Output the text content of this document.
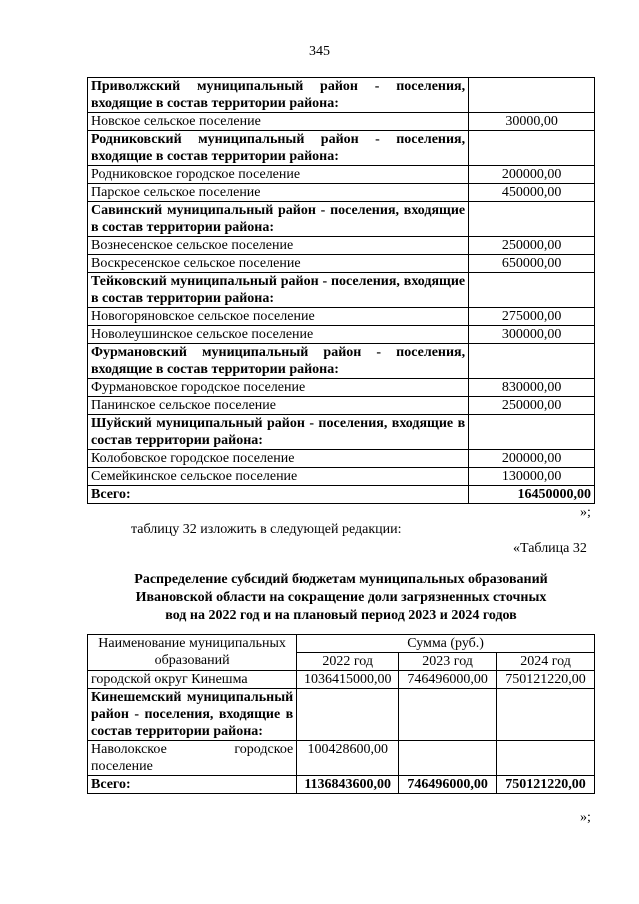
345
Приволжский муниципальный район - поселения, входящие в состав территории района:	
Новское сельское поселение	30000,00
Родниковский муниципальный район - поселения, входящие в состав территории района:	
Родниковское городское поселение	200000,00
Парское сельское поселение	450000,00
Савинский муниципальный район - поселения, входящие в состав территории района:	
Вознесенское сельское поселение	250000,00
Воскресенское сельское поселение	650000,00
Тейковский муниципальный район - поселения, входящие в состав территории района:	
Новогоряновское сельское поселение	275000,00
Новолеушинское сельское поселение	300000,00
Фурмановский муниципальный район - поселения, входящие в состав территории района:	
Фурмановское городское поселение	830000,00
Панинское сельское поселение	250000,00
Шуйский муниципальный район - поселения, входящие в состав территории района:	
Колобовское городское поселение	200000,00
Семейкинское сельское поселение	130000,00
Всего:	16450000,00
»;
таблицу 32 изложить в следующей редакции:
«Таблица 32
Распределение субсидий бюджетам муниципальных образований
Ивановской области на сокращение доли загрязненных сточных
вод на 2022 год и на плановый период 2023 и 2024 годов
Наименование муниципальных образований	Сумма (руб.)		
	2022 год	2023 год	2024 год
городской округ Кинешма	1036415000,00	746496000,00	750121220,00
Кинешемский муниципальный район - поселения, входящие в состав территории района:			
Наволокское городское поселение	100428600,00		
Всего:	1136843600,00	746496000,00	750121220,00
»;
